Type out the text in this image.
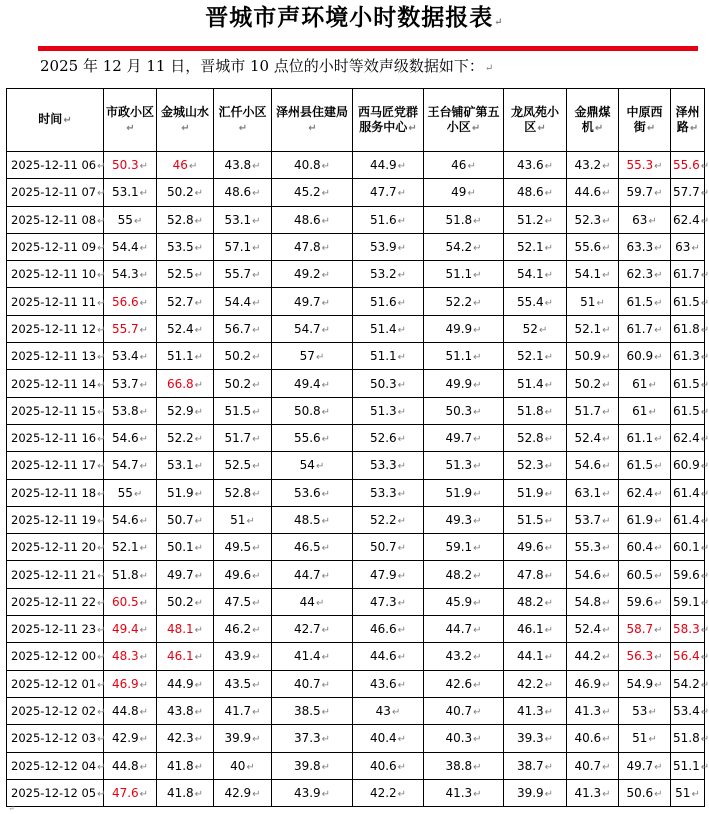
晋城市声环境小时数据报表↵
2025 年 12 月 11 日，晋城市 10 点位的小时等效声级数据如下：↵
时间↵	市政小区↵	金城山水↵	汇仟小区↵	泽州县住建局↵	西马匠党群服务中心↵	王台铺矿第五小区↵	龙凤苑小区↵	金鼎煤机↵	中原西街↵	泽州路↵
2025-12-11 06↵	50.3↵	46↵	43.8↵	40.8↵	44.9↵	46↵	43.6↵	43.2↵	55.3↵	55.6↵
2025-12-11 07↵	53.1↵	50.2↵	48.6↵	45.2↵	47.7↵	49↵	48.6↵	44.6↵	59.7↵	57.7↵
2025-12-11 08↵	55↵	52.8↵	53.1↵	48.6↵	51.6↵	51.8↵	51.2↵	52.3↵	63↵	62.4↵
2025-12-11 09↵	54.4↵	53.5↵	57.1↵	47.8↵	53.9↵	54.2↵	52.1↵	55.6↵	63.3↵	63↵
2025-12-11 10↵	54.3↵	52.5↵	55.7↵	49.2↵	53.2↵	51.1↵	54.1↵	54.1↵	62.3↵	61.7↵
2025-12-11 11↵	56.6↵	52.7↵	54.4↵	49.7↵	51.6↵	52.2↵	55.4↵	51↵	61.5↵	61.5↵
2025-12-11 12↵	55.7↵	52.4↵	56.7↵	54.7↵	51.4↵	49.9↵	52↵	52.1↵	61.7↵	61.8↵
2025-12-11 13↵	53.4↵	51.1↵	50.2↵	57↵	51.1↵	51.1↵	52.1↵	50.9↵	60.9↵	61.3↵
2025-12-11 14↵	53.7↵	66.8↵	50.2↵	49.4↵	50.3↵	49.9↵	51.4↵	50.2↵	61↵	61.5↵
2025-12-11 15↵	53.8↵	52.9↵	51.5↵	50.8↵	51.3↵	50.3↵	51.8↵	51.7↵	61↵	61.5↵
2025-12-11 16↵	54.6↵	52.2↵	51.7↵	55.6↵	52.6↵	49.7↵	52.8↵	52.4↵	61.1↵	62.4↵
2025-12-11 17↵	54.7↵	53.1↵	52.5↵	54↵	53.3↵	51.3↵	52.3↵	54.6↵	61.5↵	60.9↵
2025-12-11 18↵	55↵	51.9↵	52.8↵	53.6↵	53.3↵	51.9↵	51.9↵	63.1↵	62.4↵	61.4↵
2025-12-11 19↵	54.6↵	50.7↵	51↵	48.5↵	52.2↵	49.3↵	51.5↵	53.7↵	61.9↵	61.4↵
2025-12-11 20↵	52.1↵	50.1↵	49.5↵	46.5↵	50.7↵	59.1↵	49.6↵	55.3↵	60.4↵	60.1↵
2025-12-11 21↵	51.8↵	49.7↵	49.6↵	44.7↵	47.9↵	48.2↵	47.8↵	54.6↵	60.5↵	59.6↵
2025-12-11 22↵	60.5↵	50.2↵	47.5↵	44↵	47.3↵	45.9↵	48.2↵	54.8↵	59.6↵	59.1↵
2025-12-11 23↵	49.4↵	48.1↵	46.2↵	42.7↵	46.6↵	44.7↵	46.1↵	52.4↵	58.7↵	58.3↵
2025-12-12 00↵	48.3↵	46.1↵	43.9↵	41.4↵	44.6↵	43.2↵	44.1↵	44.2↵	56.3↵	56.4↵
2025-12-12 01↵	46.9↵	44.9↵	43.5↵	40.7↵	43.6↵	42.6↵	42.2↵	46.9↵	54.9↵	54.2↵
2025-12-12 02↵	44.8↵	43.8↵	41.7↵	38.5↵	43↵	40.7↵	41.3↵	41.3↵	53↵	53.4↵
2025-12-12 03↵	42.9↵	42.3↵	39.9↵	37.3↵	40.4↵	40.3↵	39.3↵	40.6↵	51↵	51.8↵
2025-12-12 04↵	44.8↵	41.8↵	40↵	39.8↵	40.6↵	38.8↵	38.7↵	40.7↵	49.7↵	51.1↵
2025-12-12 05↵	47.6↵	41.8↵	42.9↵	43.9↵	42.2↵	41.3↵	39.9↵	41.3↵	50.6↵	51↵
↵
